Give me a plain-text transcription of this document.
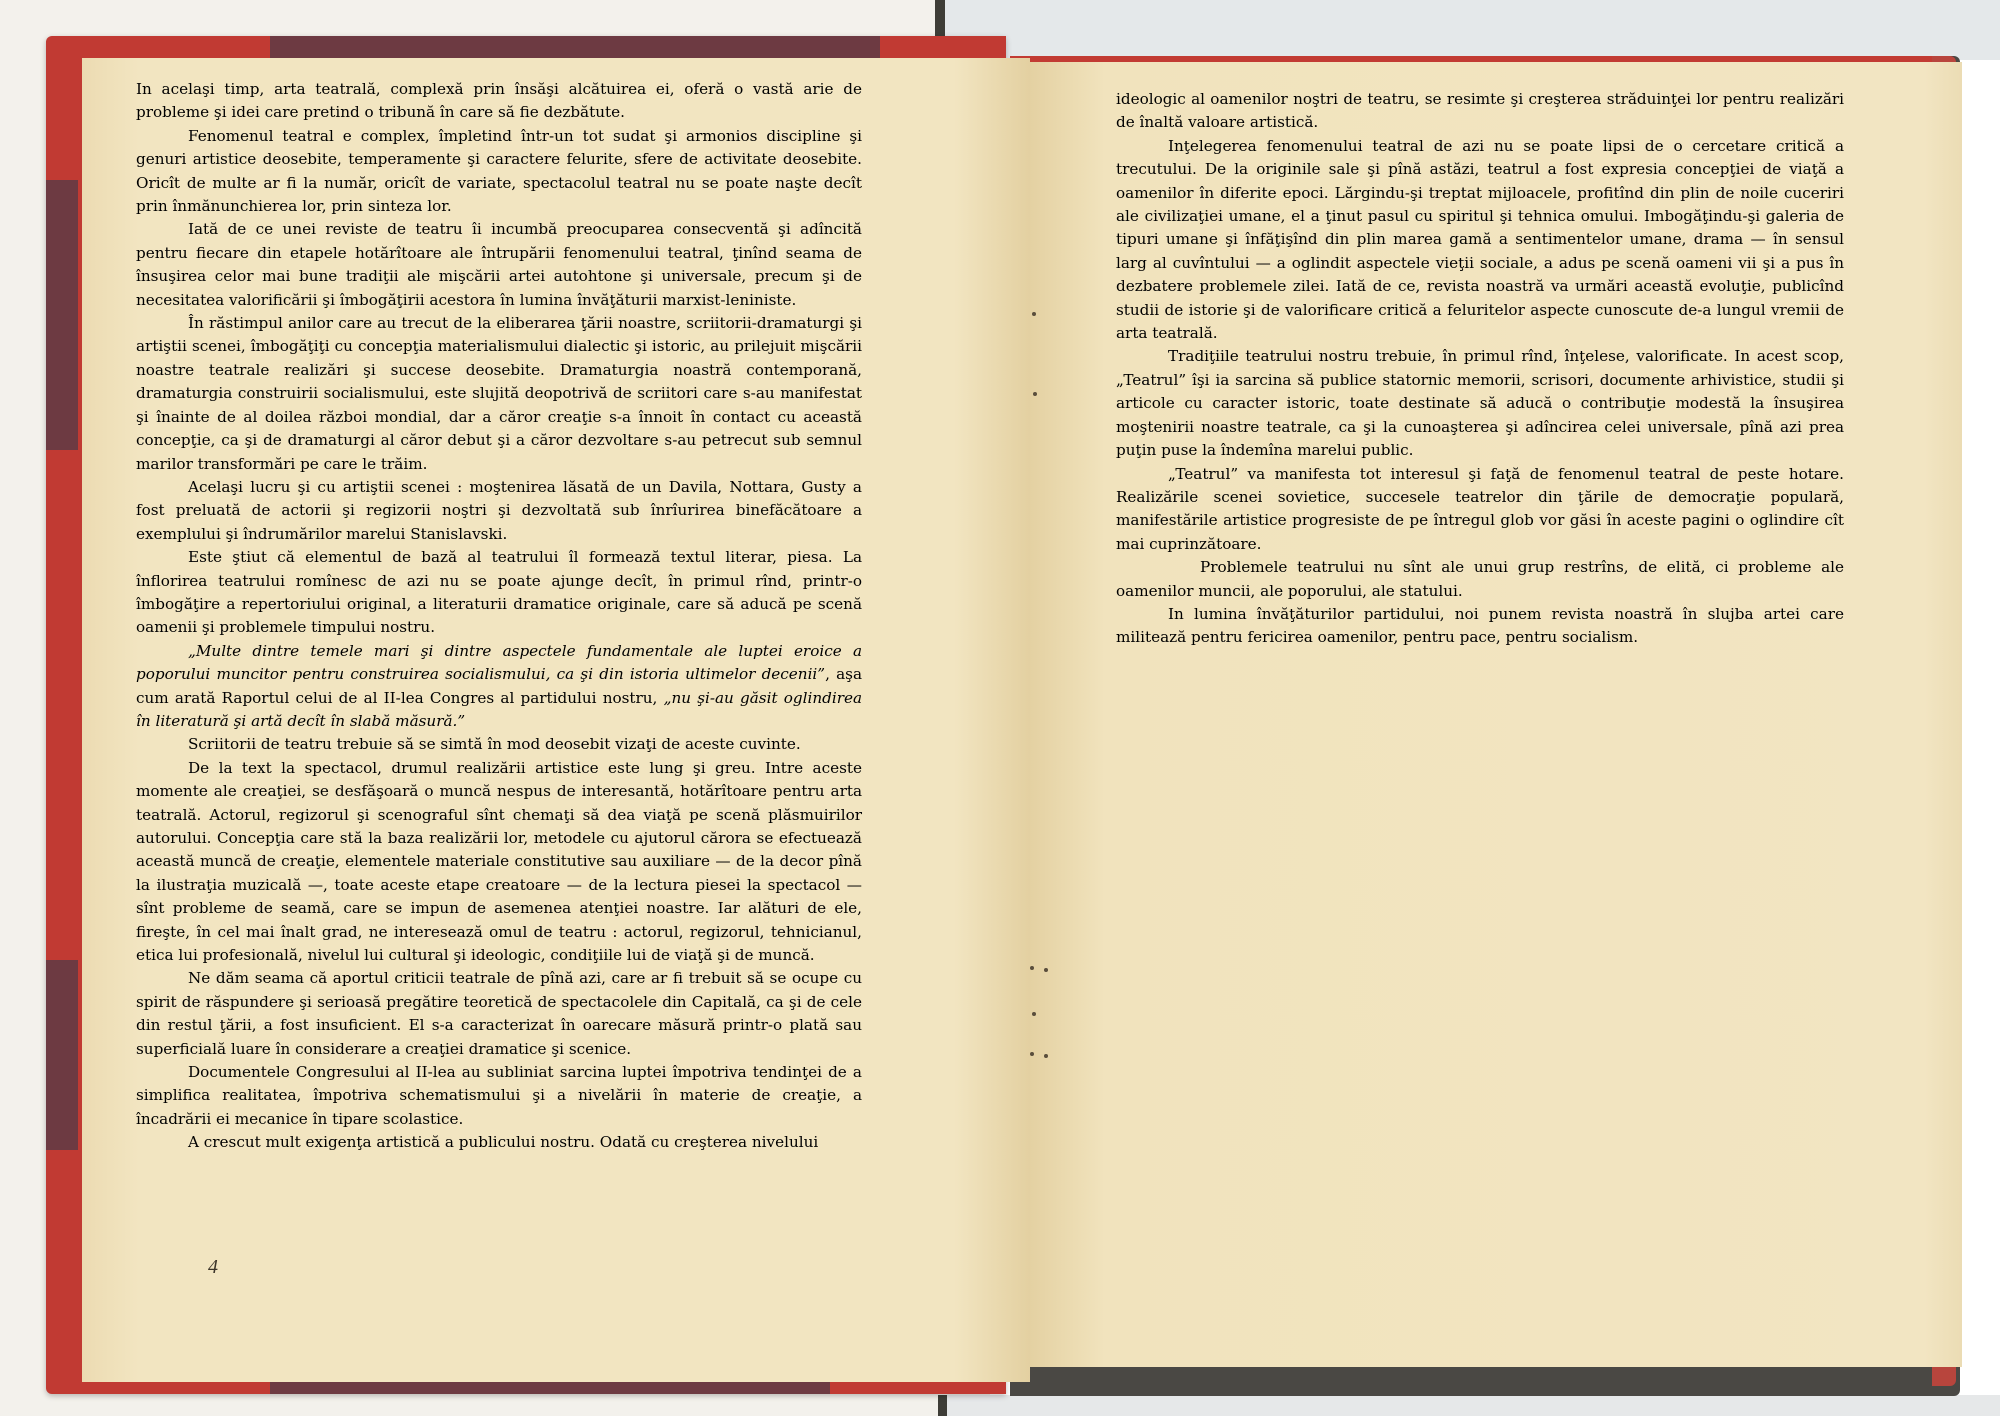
In acelaşi timp, arta teatrală, complexă prin însăşi alcătuirea ei, oferă o vastă arie de probleme şi idei care pretind o tribună în care să fie dezbătute.

Fenomenul teatral e complex, împletind într-un tot sudat şi armonios discipline şi genuri artistice deosebite, temperamente şi caractere felurite, sfere de activitate deosebite. Oricît de multe ar fi la număr, oricît de variate, spectacolul teatral nu se poate naşte decît prin înmănunchierea lor, prin sinteza lor.

Iată de ce unei reviste de teatru îi incumbă preocuparea consecventă şi adîncită pentru fiecare din etapele hotărîtoare ale întrupării fenomenului teatral, ţinînd seama de însuşirea celor mai bune tradiţii ale mişcării artei autohtone şi universale, precum şi de necesitatea valorificării şi îmbogăţirii acestora în lumina învăţăturii marxist-leniniste.

În răstimpul anilor care au trecut de la eliberarea ţării noastre, scriitorii-dramaturgi şi artiştii scenei, îmbogăţiţi cu concepţia materialismului dialectic şi istoric, au prilejuit mişcării noastre teatrale realizări şi succese deosebite. Dramaturgia noastră contemporană, dramaturgia construirii socialismului, este slujită deopotrivă de scriitori care s-au manifestat şi înainte de al doilea război mondial, dar a căror creaţie s-a înnoit în contact cu această concepţie, ca şi de dramaturgi al căror debut şi a căror dezvoltare s-au petrecut sub semnul marilor transformări pe care le trăim.

Acelaşi lucru şi cu artiştii scenei : moştenirea lăsată de un Davila, Nottara, Gusty a fost preluată de actorii şi regizorii noştri şi dezvoltată sub înrîurirea binefăcătoare a exemplului şi îndrumărilor marelui Stanislavski.

Este ştiut că elementul de bază al teatrului îl formează textul literar, piesa. La înflorirea teatrului romînesc de azi nu se poate ajunge decît, în primul rînd, printr-o îmbogăţire a repertoriului original, a literaturii dramatice originale, care să aducă pe scenă oamenii şi problemele timpului nostru.

„Multe dintre temele mari şi dintre aspectele fundamentale ale luptei eroice a poporului muncitor pentru construirea socialismului, ca şi din istoria ultimelor decenii”, aşa cum arată Raportul celui de al II-lea Congres al partidului nostru, „nu şi-au găsit oglindirea în literatură şi artă decît în slabă măsură.”

Scriitorii de teatru trebuie să se simtă în mod deosebit vizaţi de aceste cuvinte.

De la text la spectacol, drumul realizării artistice este lung şi greu. Intre aceste momente ale creaţiei, se desfăşoară o muncă nespus de interesantă, hotărîtoare pentru arta teatrală. Actorul, regizorul şi scenograful sînt chemaţi să dea viaţă pe scenă plăsmuirilor autorului. Concepţia care stă la baza realizării lor, metodele cu ajutorul cărora se efectuează această muncă de creaţie, elementele materiale constitutive sau auxiliare — de la decor pînă la ilustraţia muzicală —, toate aceste etape creatoare — de la lectura piesei la spectacol — sînt probleme de seamă, care se impun de asemenea atenţiei noastre. Iar alături de ele, fireşte, în cel mai înalt grad, ne interesează omul de teatru : actorul, regizorul, tehnicianul, etica lui profesională, nivelul lui cultural şi ideologic, condiţiile lui de viaţă şi de muncă.

Ne dăm seama că aportul criticii teatrale de pînă azi, care ar fi trebuit să se ocupe cu spirit de răspundere şi serioasă pregătire teoretică de spectacolele din Capitală, ca şi de cele din restul ţării, a fost insuficient. El s-a caracterizat în oarecare măsură printr-o plată sau superficială luare în considerare a creaţiei dramatice şi scenice.

Documentele Congresului al II-lea au subliniat sarcina luptei împotriva tendinţei de a simplifica realitatea, împotriva schematismului şi a nivelării în materie de creaţie, a încadrării ei mecanice în tipare scolastice.

A crescut mult exigenţa artistică a publicului nostru. Odată cu creşterea nivelului

4

ideologic al oamenilor noştri de teatru, se resimte şi creşterea străduinţei lor pentru realizări de înaltă valoare artistică.

Inţelegerea fenomenului teatral de azi nu se poate lipsi de o cercetare critică a trecutului. De la originile sale şi pînă astăzi, teatrul a fost expresia concepţiei de viaţă a oamenilor în diferite epoci. Lărgindu-şi treptat mijloacele, profitînd din plin de noile cuceriri ale civilizaţiei umane, el a ţinut pasul cu spiritul şi tehnica omului. Imbogăţindu-şi galeria de tipuri umane şi înfăţişînd din plin marea gamă a sentimentelor umane, drama — în sensul larg al cuvîntului — a oglindit aspectele vieţii sociale, a adus pe scenă oameni vii şi a pus în dezbatere problemele zilei. Iată de ce, revista noastră va urmări această evoluţie, publicînd studii de istorie şi de valorificare critică a feluritelor aspecte cunoscute de-a lungul vremii de arta teatrală.

Tradiţiile teatrului nostru trebuie, în primul rînd, înţelese, valorificate. In acest scop, „Teatrul” îşi ia sarcina să publice statornic memorii, scrisori, documente arhivistice, studii şi articole cu caracter istoric, toate destinate să aducă o contribuţie modestă la însuşirea moştenirii noastre teatrale, ca şi la cunoaşterea şi adîncirea celei universale, pînă azi prea puţin puse la îndemîna marelui public.

„Teatrul” va manifesta tot interesul şi faţă de fenomenul teatral de peste hotare. Realizările scenei sovietice, succesele teatrelor din ţările de democraţie populară, manifestările artistice progresiste de pe întregul glob vor găsi în aceste pagini o oglindire cît mai cuprinzătoare.

Problemele teatrului nu sînt ale unui grup restrîns, de elită, ci probleme ale oamenilor muncii, ale poporului, ale statului.

In lumina învăţăturilor partidului, noi punem revista noastră în slujba artei care militează pentru fericirea oamenilor, pentru pace, pentru socialism.
